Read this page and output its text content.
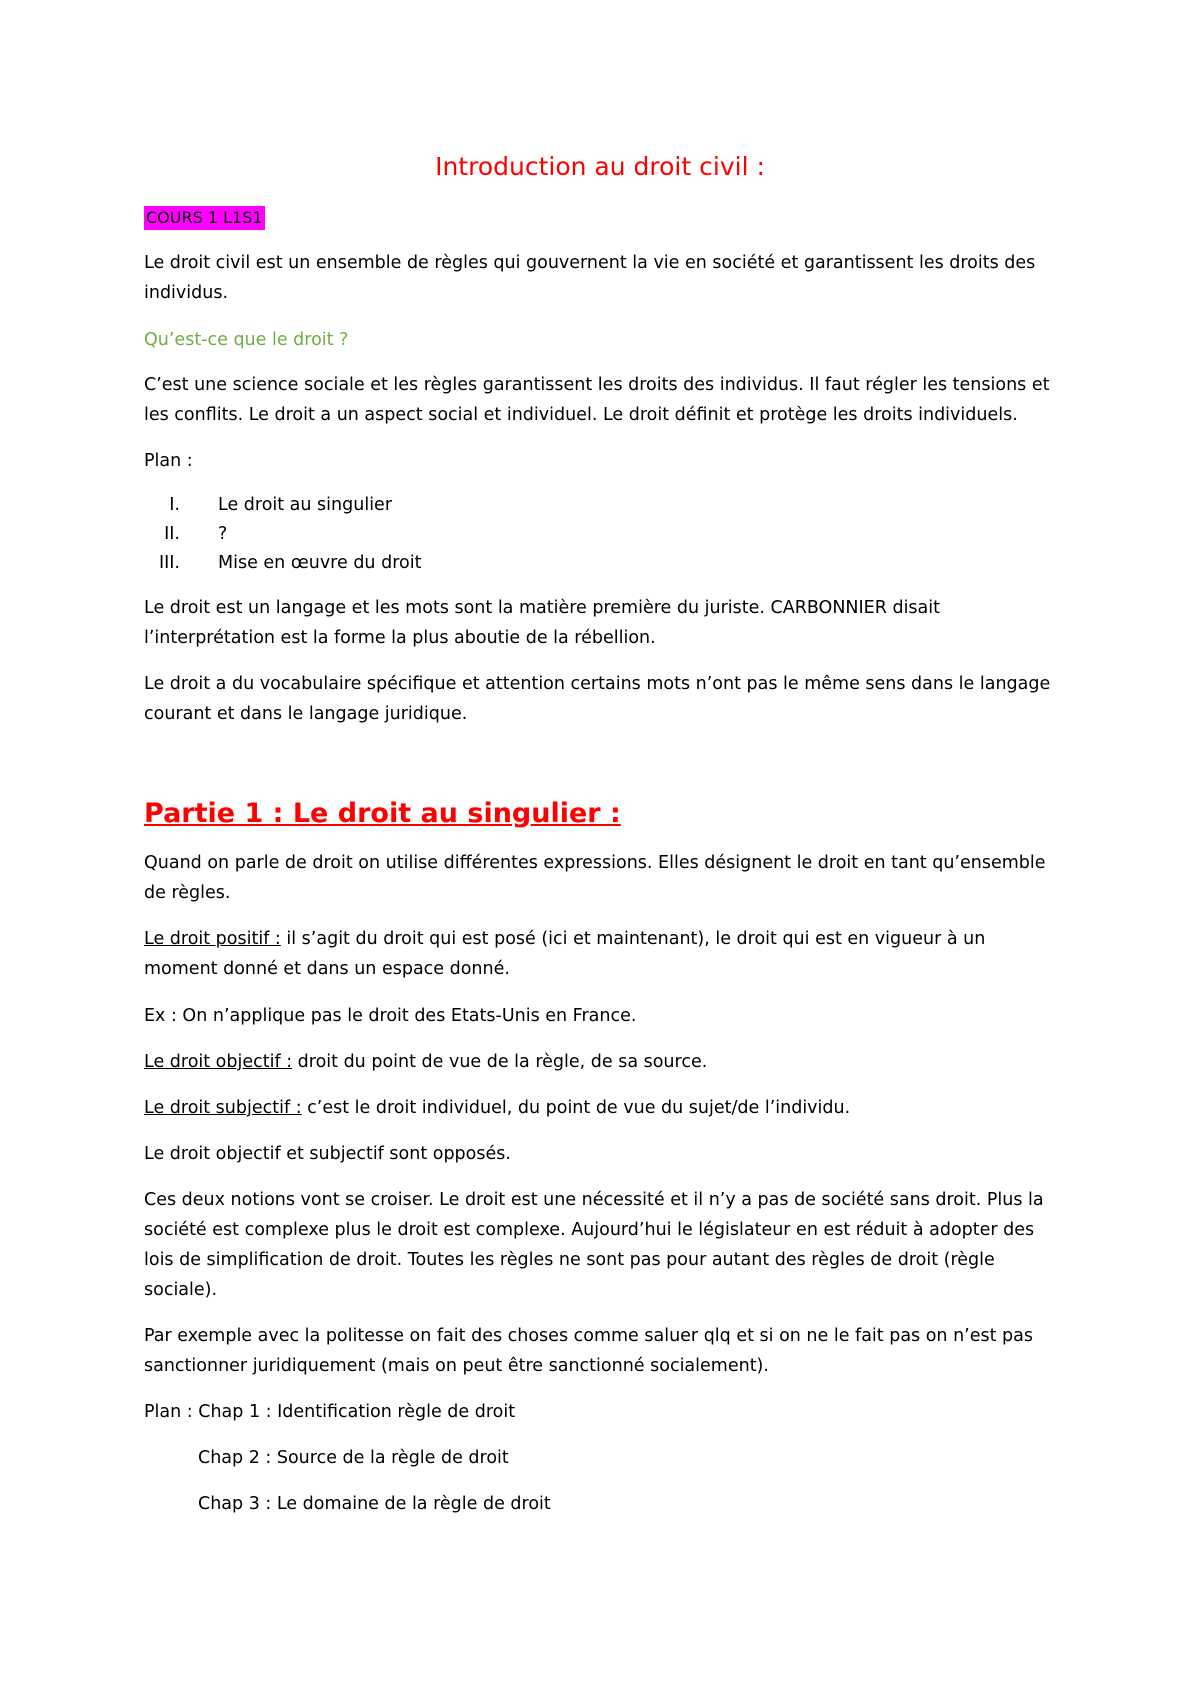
Introduction au droit civil :
COURS 1 L1S1

Le droit civil est un ensemble de règles qui gouvernent la vie en société et garantissent les droits des individus.

Qu’est-ce que le droit ?

C’est une science sociale et les règles garantissent les droits des individus. Il faut régler les tensions et les conflits. Le droit a un aspect social et individuel. Le droit définit et protège les droits individuels.

Plan :

I. Le droit au singulier
II. ?
III. Mise en œuvre du droit

Le droit est un langage et les mots sont la matière première du juriste. CARBONNIER disait l’interprétation est la forme la plus aboutie de la rébellion.

Le droit a du vocabulaire spécifique et attention certains mots n’ont pas le même sens dans le langage courant et dans le langage juridique.

Partie 1 : Le droit au singulier :

Quand on parle de droit on utilise différentes expressions. Elles désignent le droit en tant qu’ensemble de règles.

Le droit positif : il s’agit du droit qui est posé (ici et maintenant), le droit qui est en vigueur à un moment donné et dans un espace donné.

Ex : On n’applique pas le droit des Etats-Unis en France.

Le droit objectif : droit du point de vue de la règle, de sa source.

Le droit subjectif : c’est le droit individuel, du point de vue du sujet/de l’individu.

Le droit objectif et subjectif sont opposés.

Ces deux notions vont se croiser. Le droit est une nécessité et il n’y a pas de société sans droit. Plus la société est complexe plus le droit est complexe. Aujourd’hui le législateur en est réduit à adopter des lois de simplification de droit. Toutes les règles ne sont pas pour autant des règles de droit (règle sociale).

Par exemple avec la politesse on fait des choses comme saluer qlq et si on ne le fait pas on n’est pas sanctionner juridiquement (mais on peut être sanctionné socialement).

Plan : Chap 1 : Identification règle de droit

Chap 2 : Source de la règle de droit

Chap 3 : Le domaine de la règle de droit
